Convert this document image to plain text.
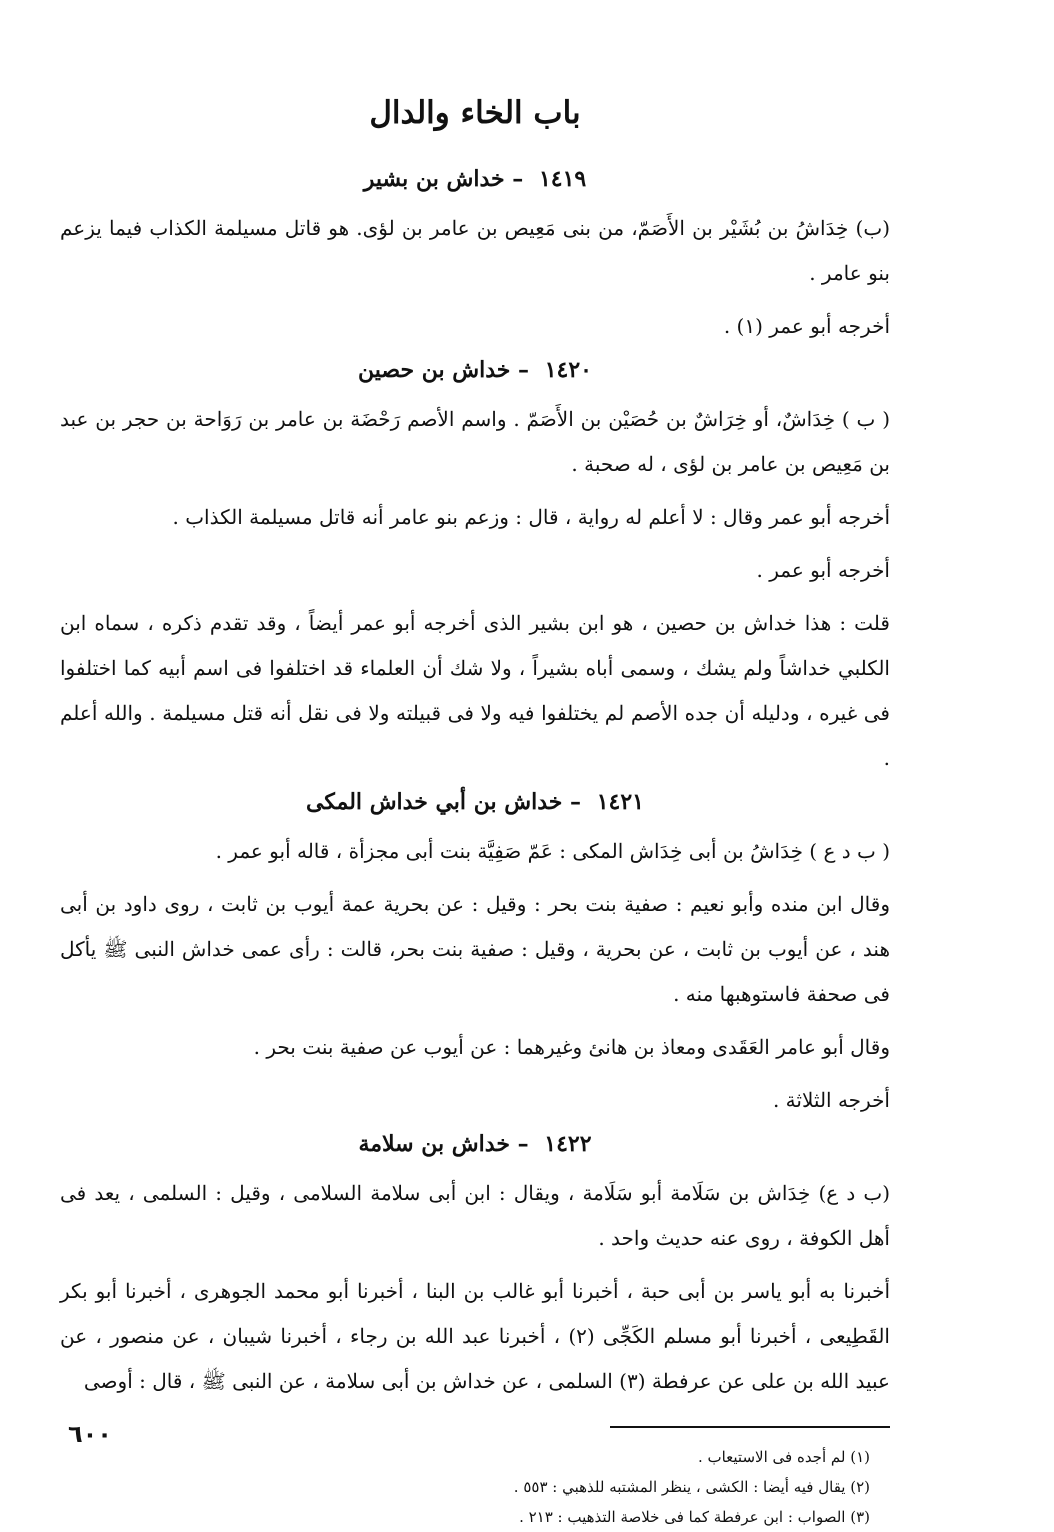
باب الخاء والدال
١٤١٩ – خداش بن بشير

(ب) خِدَاشُ بن بُشَيْر بن الأَصَمّ، من بنى مَعِيص بن عامر بن لؤى. هو قاتل مسيلمة الكذاب فيما يزعم بنو عامر .

أخرجه أبو عمر (١) .

١٤٢٠ – خداش بن حصين

( ب ) خِدَاشٌ، أو خِرَاشٌ بن حُصَيْن بن الأَصَمّ . واسم الأصم رَحْضَة بن عامر بن رَوَاحة بن حجر بن عبد بن مَعِيص بن عامر بن لؤى ، له صحبة .

أخرجه أبو عمر وقال : لا أعلم له رواية ، قال : وزعم بنو عامر أنه قاتل مسيلمة الكذاب .

أخرجه أبو عمر .

قلت : هذا خداش بن حصين ، هو ابن بشير الذى أخرجه أبو عمر أيضاً ، وقد تقدم ذكره ، سماه ابن الكلبي خداشاً ولم يشك ، وسمى أباه بشيراً ، ولا شك أن العلماء قد اختلفوا فى اسم أبيه كما اختلفوا فى غيره ، ودليله أن جده الأصم لم يختلفوا فيه ولا فى قبيلته ولا فى نقل أنه قتل مسيلمة . والله أعلم .

١٤٢١ – خداش بن أبي خداش المكى

( ب د ع ) خِدَاشُ بن أبى خِدَاش المكى : عَمّ صَفِيَّة بنت أبى مجزأة ، قاله أبو عمر .

وقال ابن منده وأبو نعيم : صفية بنت بحر : وقيل : عن بحرية عمة أيوب بن ثابت ، روى داود بن أبى هند ، عن أيوب بن ثابت ، عن بحرية ، وقيل : صفية بنت بحر، قالت : رأى عمى خداش النبى ﷺ يأكل فى صحفة فاستوهبها منه .

وقال أبو عامر العَقَدى ومعاذ بن هانئ وغيرهما : عن أيوب عن صفية بنت بحر .

أخرجه الثلاثة .

١٤٢٢ – خداش بن سلامة

(ب د ع) خِدَاش بن سَلَامة أبو سَلَامة ، ويقال : ابن أبى سلامة السلامى ، وقيل : السلمى ، يعد فى أهل الكوفة ، روى عنه حديث واحد .

أخبرنا به أبو ياسر بن أبى حبة ، أخبرنا أبو غالب بن البنا ، أخبرنا أبو محمد الجوهرى ، أخبرنا أبو بكر القَطِيعى ، أخبرنا أبو مسلم الكَجِّى (٢) ، أخبرنا عبد الله بن رجاء ، أخبرنا شيبان ، عن منصور ، عن عبيد الله بن على عن عرفطة (٣) السلمى ، عن خداش بن أبى سلامة ، عن النبى ﷺ ، قال : أوصى

(١) لم أجده فى الاستيعاب .
(٢) يقال فيه أيضا : الكشى ، ينظر المشتبه للذهبي : ٥٥٣ .
(٣) الصواب : ابن عرفطة كما فى خلاصة التذهيب : ٢١٣ .
٦٠٠
